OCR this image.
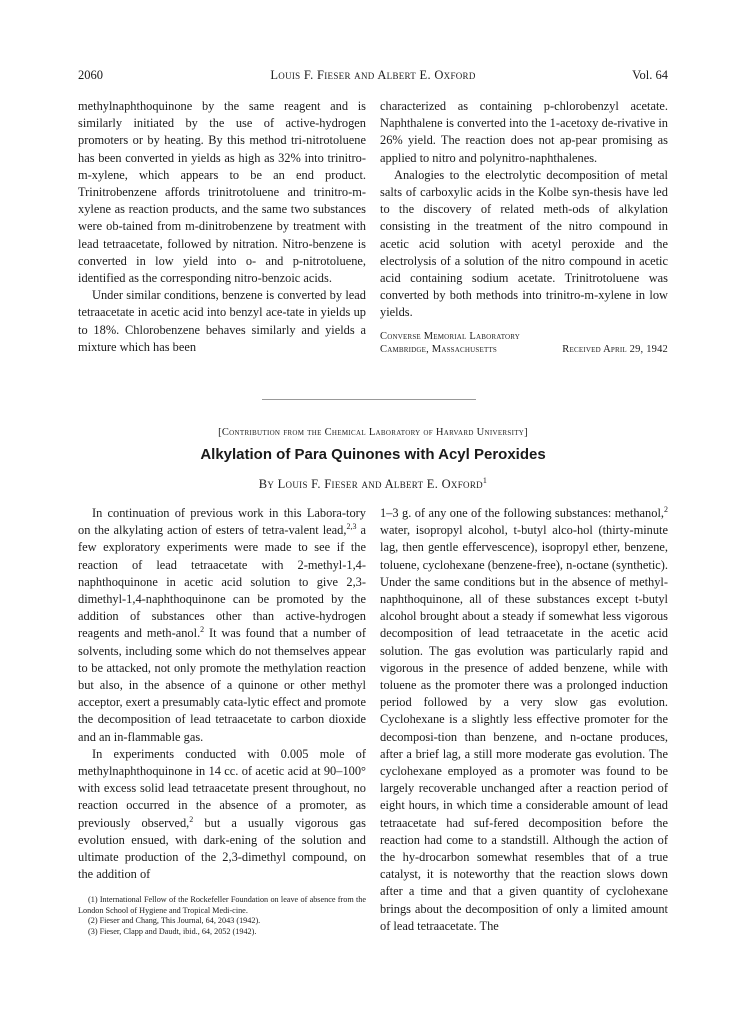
2060	Louis F. Fieser and Albert E. Oxford	Vol. 64

methylnaphthoquinone by the same reagent and is similarly initiated by the use of active-hydrogen promoters or by heating. By this method tri-nitrotoluene has been converted in yields as high as 32% into trinitro-m-xylene, which appears to be an end product. Trinitrobenzene affords trinitrotoluene and trinitro-m-xylene as reaction products, and the same two substances were ob-tained from m-dinitrobenzene by treatment with lead tetraacetate, followed by nitration. Nitro-benzene is converted in low yield into o- and p-nitrotoluene, identified as the corresponding nitro-benzoic acids.

Under similar conditions, benzene is converted by lead tetraacetate in acetic acid into benzyl ace-tate in yields up to 18%. Chlorobenzene behaves similarly and yields a mixture which has been

characterized as containing p-chlorobenzyl acetate. Naphthalene is converted into the 1-acetoxy de-rivative in 26% yield. The reaction does not ap-pear promising as applied to nitro and polynitro-naphthalenes.

Analogies to the electrolytic decomposition of metal salts of carboxylic acids in the Kolbe syn-thesis have led to the discovery of related meth-ods of alkylation consisting in the treatment of the nitro compound in acetic acid solution with acetyl peroxide and the electrolysis of a solution of the nitro compound in acetic acid containing sodium acetate. Trinitrotoluene was converted by both methods into trinitro-m-xylene in low yields.

Converse Memorial Laboratory
Cambridge, Massachusetts	Received April 29, 1942
[Contribution from the Chemical Laboratory of Harvard University]
Alkylation of Para Quinones with Acyl Peroxides
By Louis F. Fieser and Albert E. Oxford$^1$

In continuation of previous work in this Labora-tory on the alkylating action of esters of tetra-valent lead,$^{2,3}$ a few exploratory experiments were made to see if the reaction of lead tetraacetate with 2-methyl-1,4-naphthoquinone in acetic acid solution to give 2,3-dimethyl-1,4-naphthoquinone can be promoted by the addition of substances other than active-hydrogen reagents and meth-anol.$^2$ It was found that a number of solvents, including some which do not themselves appear to be attacked, not only promote the methylation reaction but also, in the absence of a quinone or other methyl acceptor, exert a presumably cata-lytic effect and promote the decomposition of lead tetraacetate to carbon dioxide and an in-flammable gas.

In experiments conducted with 0.005 mole of methylnaphthoquinone in 14 cc. of acetic acid at 90–100° with excess solid lead tetraacetate present throughout, no reaction occurred in the absence of a promoter, as previously observed,$^2$ but a usually vigorous gas evolution ensued, with dark-ening of the solution and ultimate production of the 2,3-dimethyl compound, on the addition of

(1) International Fellow of the Rockefeller Foundation on leave of absence from the London School of Hygiene and Tropical Medi-cine.

(2) Fieser and Chang, This Journal, 64, 2043 (1942).

(3) Fieser, Clapp and Daudt, ibid., 64, 2052 (1942).

1–3 g. of any one of the following substances: methanol,$^2$ water, isopropyl alcohol, t-butyl alco-hol (thirty-minute lag, then gentle effervescence), isopropyl ether, benzene, toluene, cyclohexane (benzene-free), n-octane (synthetic). Under the same conditions but in the absence of methyl-naphthoquinone, all of these substances except t-butyl alcohol brought about a steady if somewhat less vigorous decomposition of lead tetraacetate in the acetic acid solution. The gas evolution was particularly rapid and vigorous in the presence of added benzene, while with toluene as the promoter there was a prolonged induction period followed by a very slow gas evolution. Cyclohexane is a slightly less effective promoter for the decomposi-tion than benzene, and n-octane produces, after a brief lag, a still more moderate gas evolution. The cyclohexane employed as a promoter was found to be largely recoverable unchanged after a reaction period of eight hours, in which time a considerable amount of lead tetraacetate had suf-fered decomposition before the reaction had come to a standstill. Although the action of the hy-drocarbon somewhat resembles that of a true catalyst, it is noteworthy that the reaction slows down after a time and that a given quantity of cyclohexane brings about the decomposition of only a limited amount of lead tetraacetate. The
